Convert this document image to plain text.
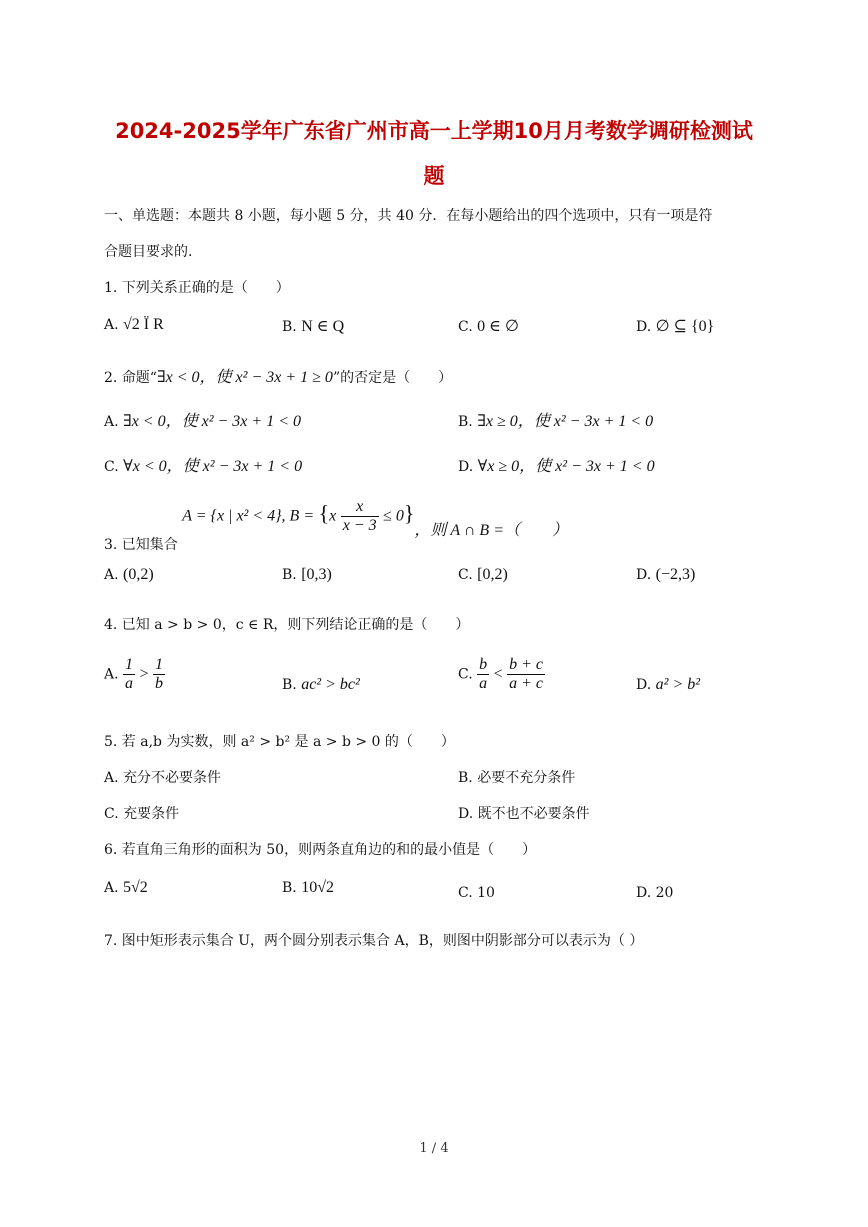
2024-2025学年广东省广州市高一上学期10月月考数学调研检测试
题
一、单选题：本题共 8 小题，每小题 5 分，共 40 分．在每小题给出的四个选项中，只有一项是符
合题目要求的.
1. 下列关系正确的是（　　）
A. √2 Ï R	B. N ∈ Q	C. 0 ∈ ∅	D. ∅ ⊆ {0}
2. 命题“∃x < 0，使 x² − 3x + 1 ≥ 0”的否定是（　　）
A. ∃x < 0，使 x² − 3x + 1 < 0	B. ∃x ≥ 0，使 x² − 3x + 1 < 0
C. ∀x < 0，使 x² − 3x + 1 < 0	D. ∀x ≥ 0，使 x² − 3x + 1 < 0
3. 已知集合 A = {x | x² < 4}, $B = \{x \frac{x}{x - 3} \le 0\}$，则 A ∩ B =（　　）
A. (0,2)	B. [0,3)	C. [0,2)	D. (−2,3)
4. 已知 a > b > 0，c ∈ R，则下列结论正确的是（　　）
A. $\frac{1}{a} > \frac{1}{b}$	B. ac² > bc²
C. $\frac{b}{a} < \frac{b + c}{a + c}$	D. a² > b²
5. 若 a,b 为实数，则 a² > b² 是 a > b > 0 的（　　）
A. 充分不必要条件	B. 必要不充分条件
C. 充要条件	D. 既不也不必要条件
6. 若直角三角形的面积为 50，则两条直角边的和的最小值是（　　）
A. 5√2	B. 10√2	C. 10	D. 20
7. 图中矩形表示集合 U，两个圆分别表示集合 A，B，则图中阴影部分可以表示为（ ）
1 / 4
